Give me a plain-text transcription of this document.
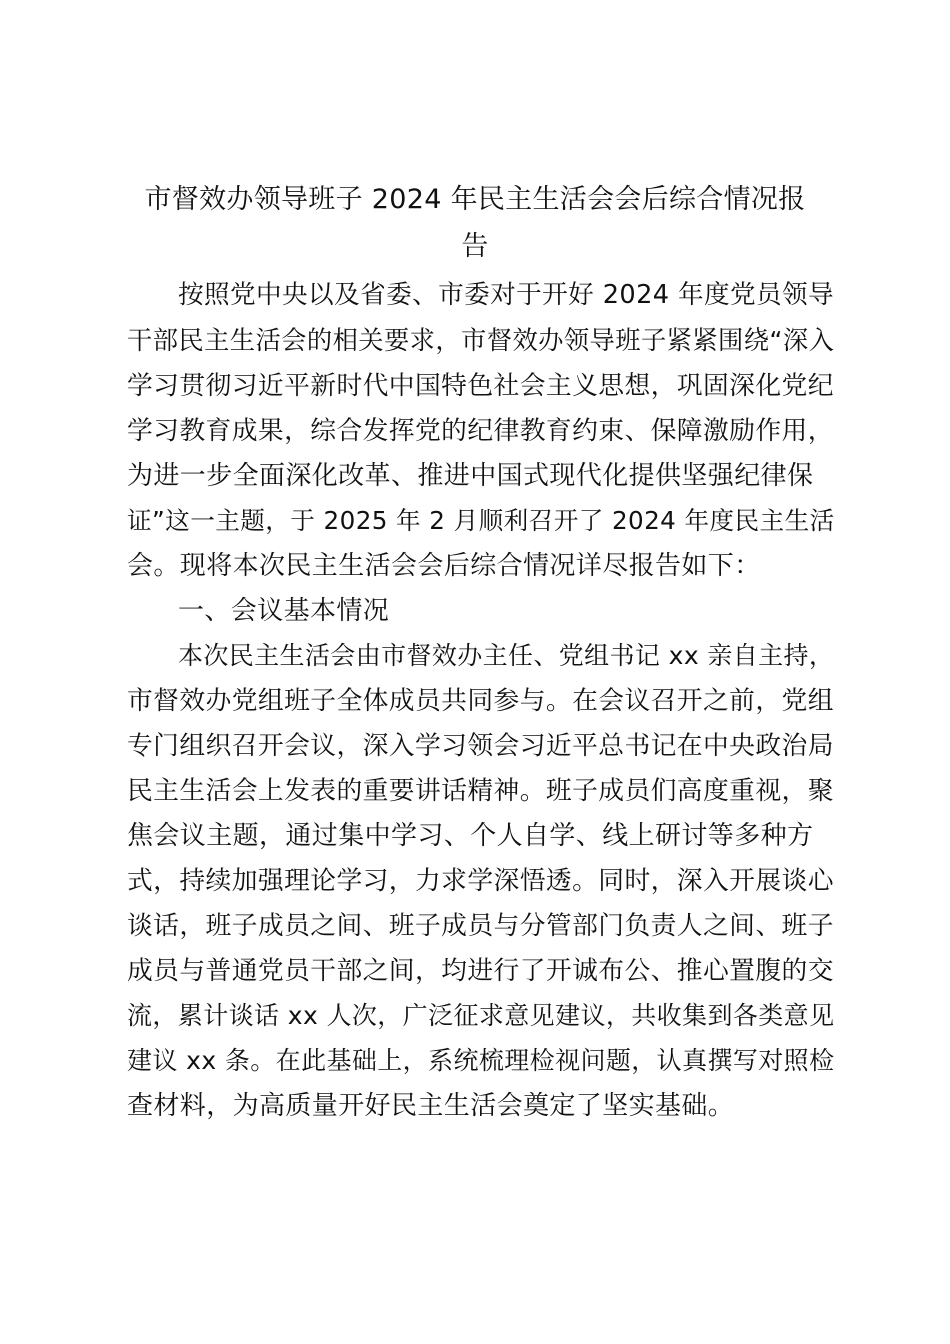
市督效办领导班子 2024 年民主生活会会后综合情况报
告
按照党中央以及省委、市委对于开好 2024 年度党员领导
干部民主生活会的相关要求，市督效办领导班子紧紧围绕“深入
学习贯彻习近平新时代中国特色社会主义思想，巩固深化党纪
学习教育成果，综合发挥党的纪律教育约束、保障激励作用，
为进一步全面深化改革、推进中国式现代化提供坚强纪律保
证”这一主题，于 2025 年 2 月顺利召开了 2024 年度民主生活
会。现将本次民主生活会会后综合情况详尽报告如下：
一、会议基本情况
本次民主生活会由市督效办主任、党组书记 xx 亲自主持，
市督效办党组班子全体成员共同参与。在会议召开之前，党组
专门组织召开会议，深入学习领会习近平总书记在中央政治局
民主生活会上发表的重要讲话精神。班子成员们高度重视，聚
焦会议主题，通过集中学习、个人自学、线上研讨等多种方
式，持续加强理论学习，力求学深悟透。同时，深入开展谈心
谈话，班子成员之间、班子成员与分管部门负责人之间、班子
成员与普通党员干部之间，均进行了开诚布公、推心置腹的交
流，累计谈话 xx 人次，广泛征求意见建议，共收集到各类意见
建议 xx 条。在此基础上，系统梳理检视问题，认真撰写对照检
查材料，为高质量开好民主生活会奠定了坚实基础。
